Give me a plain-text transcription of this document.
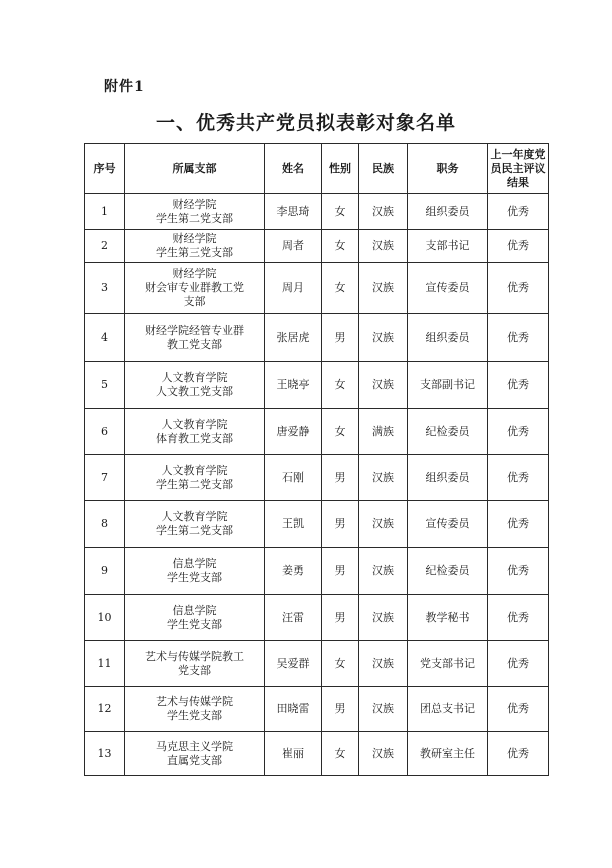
附件1
一、优秀共产党员拟表彰对象名单
序号	所属支部	姓名	性别	民族	职务	上一年度党员民主评议结果
1	财经学院
学生第二党支部	李思琦	女	汉族	组织委员	优秀
2	财经学院
学生第三党支部	周者	女	汉族	支部书记	优秀
3	财经学院
财会审专业群教工党
支部	周月	女	汉族	宣传委员	优秀
4	财经学院经管专业群
教工党支部	张居虎	男	汉族	组织委员	优秀
5	人文教育学院
人文教工党支部	王晓亭	女	汉族	支部副书记	优秀
6	人文教育学院
体育教工党支部	唐爱静	女	满族	纪检委员	优秀
7	人文教育学院
学生第二党支部	石刚	男	汉族	组织委员	优秀
8	人文教育学院
学生第二党支部	王凯	男	汉族	宣传委员	优秀
9	信息学院
学生党支部	姜勇	男	汉族	纪检委员	优秀
10	信息学院
学生党支部	汪雷	男	汉族	教学秘书	优秀
11	艺术与传媒学院教工
党支部	吴爱群	女	汉族	党支部书记	优秀
12	艺术与传媒学院
学生党支部	田晓雷	男	汉族	团总支书记	优秀
13	马克思主义学院
直属党支部	崔丽	女	汉族	教研室主任	优秀
